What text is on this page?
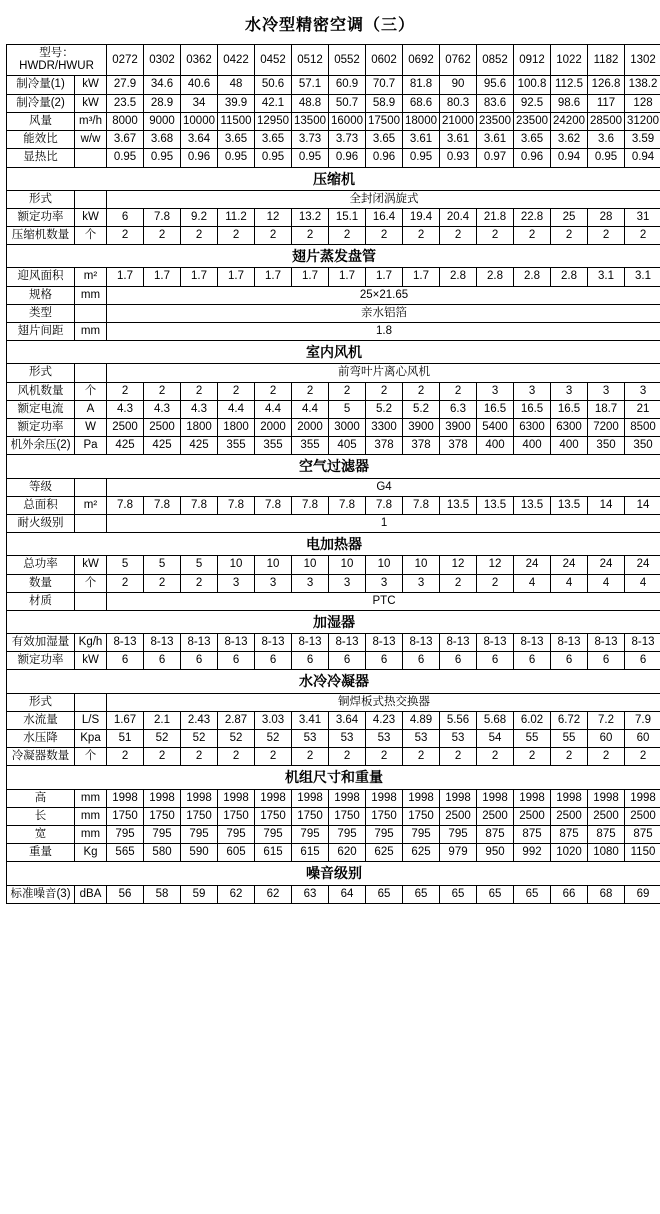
水冷型精密空调（三）
型号：
HWDR/HWUR		0272	0302	0362	0422	0452	0512	0552	0602	0692	0762	0852	0912	1022	1182	1302
制冷量(1)	kW	27.9	34.6	40.6	48	50.6	57.1	60.9	70.7	81.8	90	95.6	100.8	112.5	126.8	138.2
制冷量(2)	kW	23.5	28.9	34	39.9	42.1	48.8	50.7	58.9	68.6	80.3	83.6	92.5	98.6	117	128
风量	m³/h	8000	9000	10000	11500	12950	13500	16000	17500	18000	21000	23500	23500	24200	28500	31200
能效比	w/w	3.67	3.68	3.64	3.65	3.65	3.73	3.73	3.65	3.61	3.61	3.61	3.65	3.62	3.6	3.59
显热比		0.95	0.95	0.96	0.95	0.95	0.95	0.96	0.96	0.95	0.93	0.97	0.96	0.94	0.95	0.94
压缩机																
形式		全封闭涡旋式														
额定功率	kW	6	7.8	9.2	11.2	12	13.2	15.1	16.4	19.4	20.4	21.8	22.8	25	28	31
压缩机数量	个	2	2	2	2	2	2	2	2	2	2	2	2	2	2	2
翅片蒸发盘管																
迎风面积	m²	1.7	1.7	1.7	1.7	1.7	1.7	1.7	1.7	1.7	2.8	2.8	2.8	2.8	3.1	3.1
规格	mm	25×21.65														
类型		亲水铝箔														
翅片间距	mm	1.8														
室内风机																
形式		前弯叶片离心风机														
风机数量	个	2	2	2	2	2	2	2	2	2	2	3	3	3	3	3
额定电流	A	4.3	4.3	4.3	4.4	4.4	4.4	5	5.2	5.2	6.3	16.5	16.5	16.5	18.7	21
额定功率	W	2500	2500	1800	1800	2000	2000	3000	3300	3900	3900	5400	6300	6300	7200	8500
机外余压(2)	Pa	425	425	425	355	355	355	405	378	378	378	400	400	400	350	350
空气过滤器																
等级		G4														
总面积	m²	7.8	7.8	7.8	7.8	7.8	7.8	7.8	7.8	7.8	13.5	13.5	13.5	13.5	14	14
耐火级别		1														
电加热器																
总功率	kW	5	5	5	10	10	10	10	10	10	12	12	24	24	24	24
数量	个	2	2	2	3	3	3	3	3	3	2	2	4	4	4	4
材质		PTC														
加湿器																
有效加湿量	Kg/h	8-13	8-13	8-13	8-13	8-13	8-13	8-13	8-13	8-13	8-13	8-13	8-13	8-13	8-13	8-13
额定功率	kW	6	6	6	6	6	6	6	6	6	6	6	6	6	6	6
水冷冷凝器																
形式		铜焊板式热交换器														
水流量	L/S	1.67	2.1	2.43	2.87	3.03	3.41	3.64	4.23	4.89	5.56	5.68	6.02	6.72	7.2	7.9
水压降	Kpa	51	52	52	52	52	53	53	53	53	53	54	55	55	60	60
冷凝器数量	个	2	2	2	2	2	2	2	2	2	2	2	2	2	2	2
机组尺寸和重量																
高	mm	1998	1998	1998	1998	1998	1998	1998	1998	1998	1998	1998	1998	1998	1998	1998
长	mm	1750	1750	1750	1750	1750	1750	1750	1750	1750	2500	2500	2500	2500	2500	2500
宽	mm	795	795	795	795	795	795	795	795	795	795	875	875	875	875	875
重量	Kg	565	580	590	605	615	615	620	625	625	979	950	992	1020	1080	1150
噪音级别																
标准噪音(3)	dBA	56	58	59	62	62	63	64	65	65	65	65	65	66	68	69
